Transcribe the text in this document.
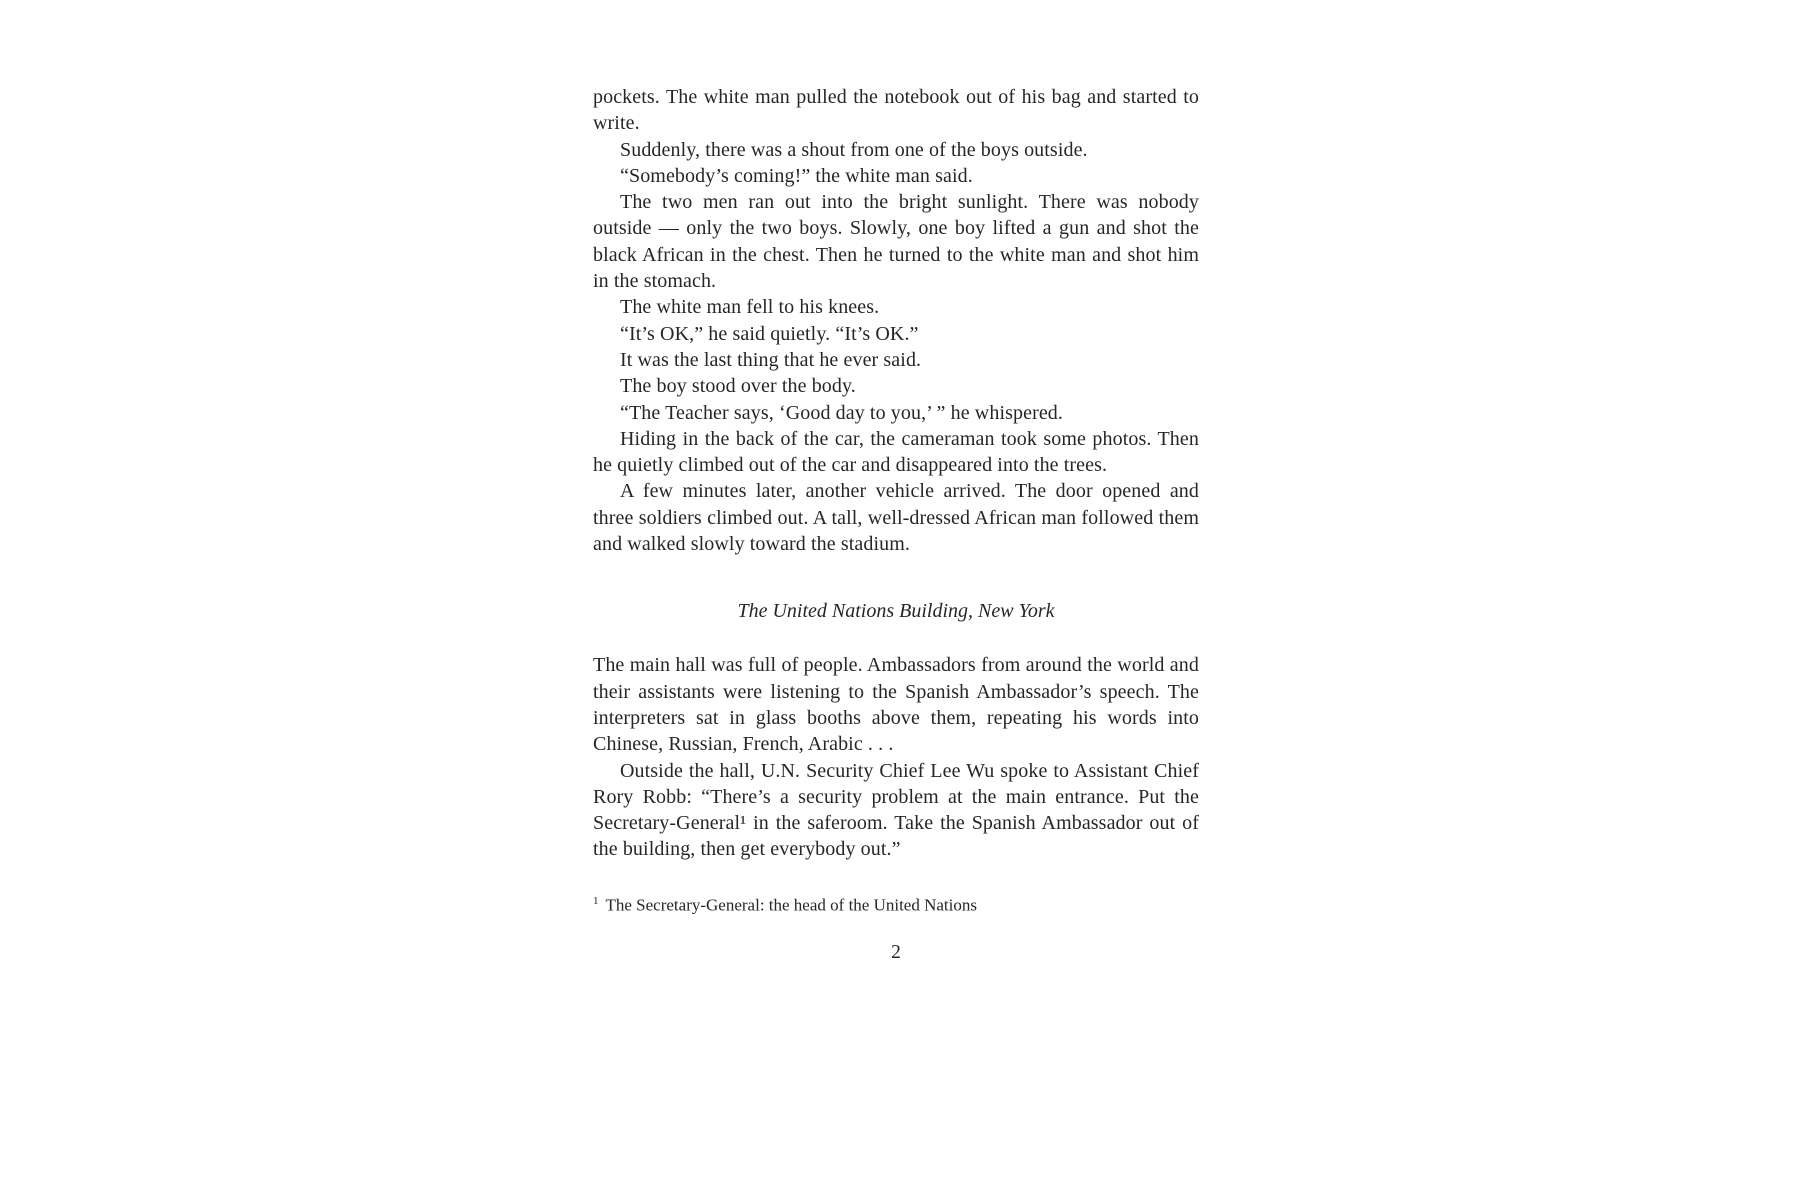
pockets. The white man pulled the notebook out of his bag and started to write.

Suddenly, there was a shout from one of the boys outside.

“Somebody’s coming!” the white man said.

The two men ran out into the bright sunlight. There was nobody outside — only the two boys. Slowly, one boy lifted a gun and shot the black African in the chest. Then he turned to the white man and shot him in the stomach.

The white man fell to his knees.

“It’s OK,” he said quietly. “It’s OK.”

It was the last thing that he ever said.

The boy stood over the body.

“The Teacher says, ‘Good day to you,’ ” he whispered.

Hiding in the back of the car, the cameraman took some photos. Then he quietly climbed out of the car and disappeared into the trees.

A few minutes later, another vehicle arrived. The door opened and three soldiers climbed out. A tall, well-dressed African man followed them and walked slowly toward the stadium.

The United Nations Building, New York

The main hall was full of people. Ambassadors from around the world and their assistants were listening to the Spanish Ambassador’s speech. The interpreters sat in glass booths above them, repeating his words into Chinese, Russian, French, Arabic . . .

Outside the hall, U.N. Security Chief Lee Wu spoke to Assistant Chief Rory Robb: “There’s a security problem at the main entrance. Put the Secretary-General¹ in the saferoom. Take the Spanish Ambassador out of the building, then get everybody out.”

$^1$ The Secretary-General: the head of the United Nations
2
